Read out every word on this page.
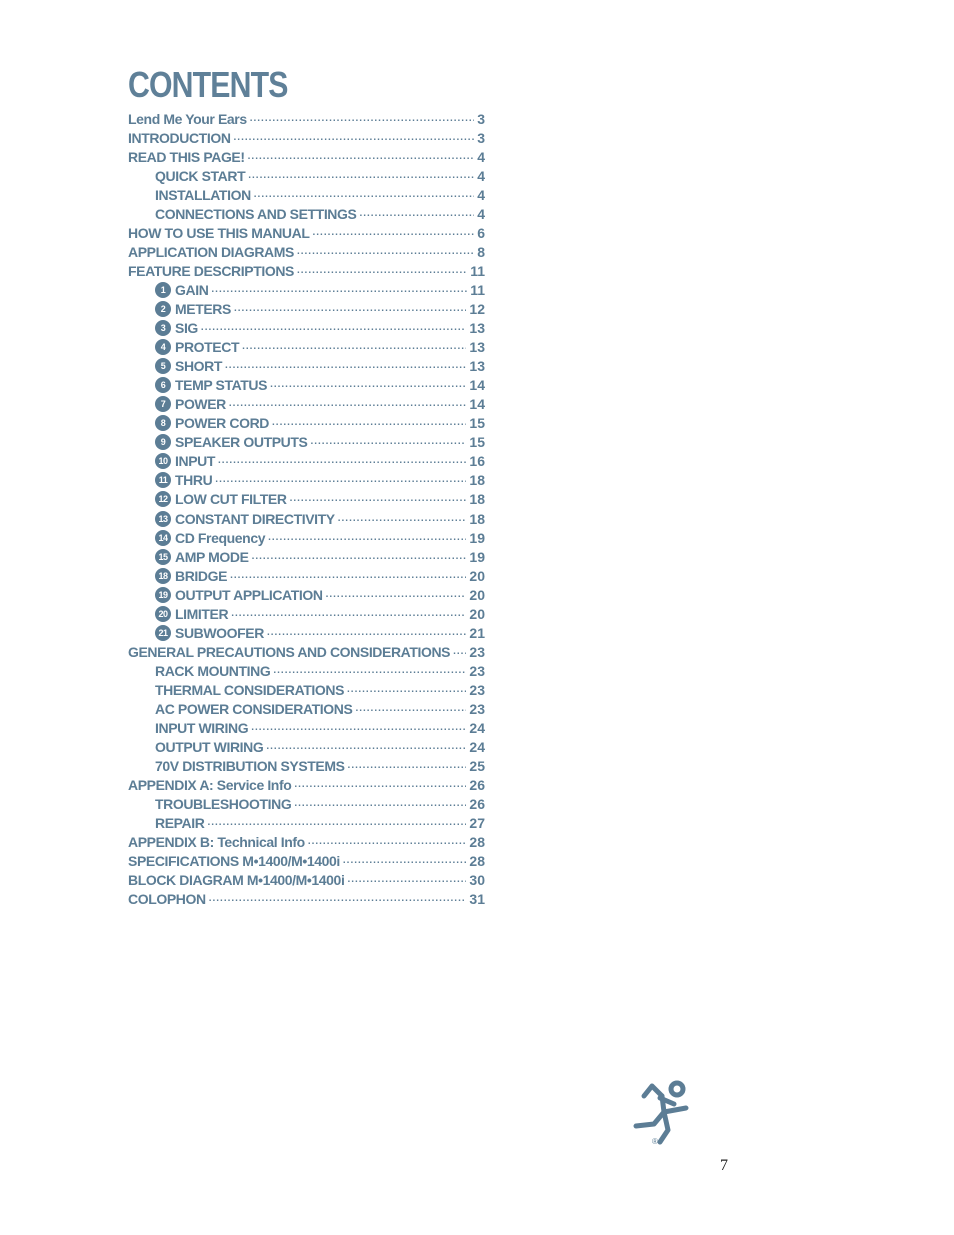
CONTENTS
Lend Me Your Ears .....	3
INTRODUCTION .....	3
READ THIS PAGE! .....	4
QUICK START .....	4
INSTALLATION .....	4
CONNECTIONS AND SETTINGS .....	4
HOW TO USE THIS MANUAL .....	6
APPLICATION DIAGRAMS .....	8
FEATURE DESCRIPTIONS .....	11
1 GAIN .....	11
2 METERS .....	12
3 SIG .....	13
4 PROTECT .....	13
5 SHORT .....	13
6 TEMP STATUS .....	14
7 POWER .....	14
8 POWER CORD .....	15
9 SPEAKER OUTPUTS .....	15
10 INPUT .....	16
11 THRU .....	18
12 LOW CUT FILTER .....	18
13 CONSTANT DIRECTIVITY .....	18
14 CD Frequency .....	19
15 AMP MODE .....	19
18 BRIDGE .....	20
19 OUTPUT APPLICATION .....	20
20 LIMITER .....	20
21 SUBWOOFER .....	21
GENERAL PRECAUTIONS AND CONSIDERATIONS ..... 23
RACK MOUNTING .....	23
THERMAL CONSIDERATIONS .....	23
AC POWER CONSIDERATIONS .....	23
INPUT WIRING .....	24
OUTPUT WIRING .....	24
70V DISTRIBUTION SYSTEMS .....	25
APPENDIX A: Service Info .....	26
TROUBLESHOOTING .....	26
REPAIR .....	27
APPENDIX B: Technical Info .....	28
SPECIFICATIONS M•1400/M•1400i .....	28
BLOCK DIAGRAM M•1400/M•1400i .....	30
COLOPHON .....	31
®
7
